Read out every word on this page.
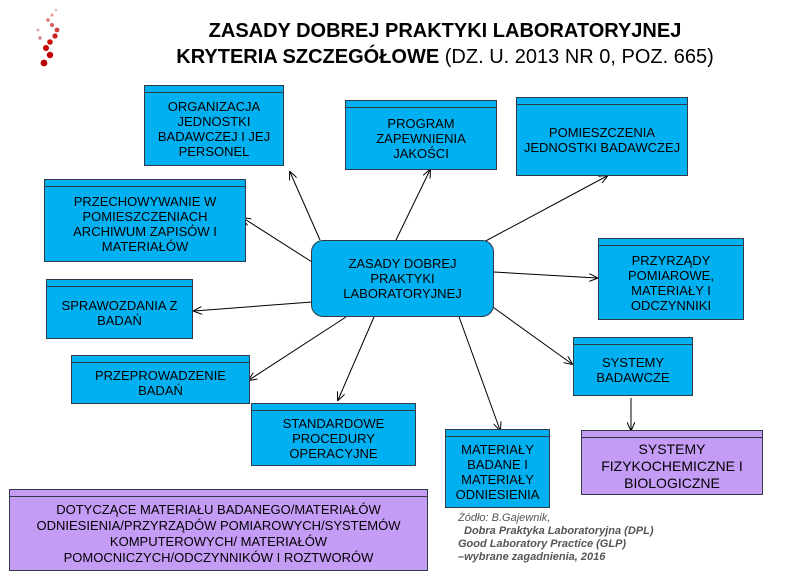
ZASADY DOBREJ PRAKTYKI LABORATORYJNEJ
KRYTERIA SZCZEGÓŁOWE (DZ. U. 2013 NR 0, POZ. 665)
ORGANIZACJA JEDNOSTKI BADAWCZEJ I JEJ PERSONEL
PROGRAM ZAPEWNIENIA JAKOŚCI
POMIESZCZENIA JEDNOSTKI BADAWCZEJ
PRZECHOWYWANIE W POMIESZCZENIACH ARCHIWUM ZAPISÓW I MATERIAŁÓW
PRZYRZĄDY POMIAROWE, MATERIAŁY I ODCZYNNIKI
SPRAWOZDANIA Z BADAŃ
SYSTEMY BADAWCZE
PRZEPROWADZENIE BADAŃ
STANDARDOWE PROCEDURY OPERACYJNE	MATERIAŁY BADANE I MATERIAŁY ODNIESIENIA
SYSTEMY FIZYKOCHEMICZNE I BIOLOGICZNE
DOTYCZĄCE MATERIAŁU BADANEGO/MATERIAŁÓW ODNIESIENIA/PRZYRZĄDÓW POMIAROWYCH/SYSTEMÓW KOMPUTEROWYCH/ MATERIAŁÓW POMOCNICZYCH/ODCZYNNIKÓW I ROZTWORÓW
ZASADY DOBREJ PRAKTYKI LABORATORYJNEJ
Żódło: B.Gajewnik,
Dobra Praktyka Laboratoryjna (DPL)
Good Laboratory Practice (GLP)
–wybrane zagadnienia, 2016
